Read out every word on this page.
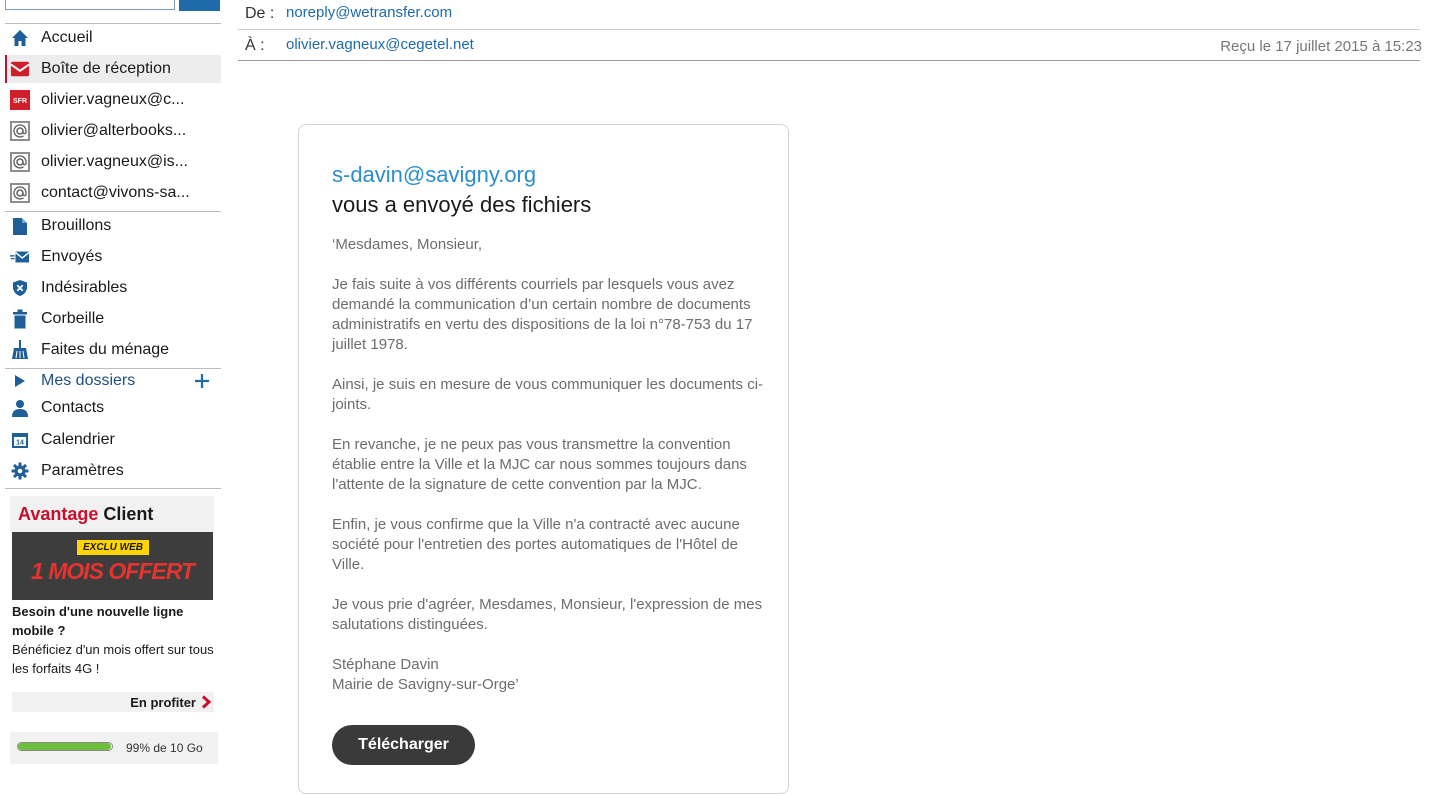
Accueil
Boîte de réception
SFR olivier.vagneux@c...
olivier@alterbooks...
olivier.vagneux@is...
contact@vivons-sa...
Brouillons
Envoyés
Indésirables
Corbeille
Faites du ménage
Mes dossiers
Contacts
14 Calendrier
Paramètres
Avantage Client
EXCLU WEB
1 MOIS OFFERT
Besoin d'une nouvelle ligne mobile ?
Bénéficiez d'un mois offert sur tous les forfaits 4G !
En profiter
99% de 10 Go
De : noreply@wetransfer.com
À : olivier.vagneux@cegetel.net	Reçu le 17 juillet 2015 à 15:23
s-davin@savigny.org
vous a envoyé des fichiers

‘Mesdames, Monsieur,

Je fais suite à vos différents courriels par lesquels vous avez demandé la communication d’un certain nombre de documents administratifs en vertu des dispositions de la loi n°78-753 du 17 juillet 1978.

Ainsi, je suis en mesure de vous communiquer les documents ci-joints.

En revanche, je ne peux pas vous transmettre la convention établie entre la Ville et la MJC car nous sommes toujours dans l'attente de la signature de cette convention par la MJC.

Enfin, je vous confirme que la Ville n'a contracté avec aucune société pour l'entretien des portes automatiques de l'Hôtel de Ville.

Je vous prie d'agréer, Mesdames, Monsieur, l'expression de mes salutations distinguées.

Stéphane Davin
Mairie de Savigny-sur-Orge’

Télécharger
